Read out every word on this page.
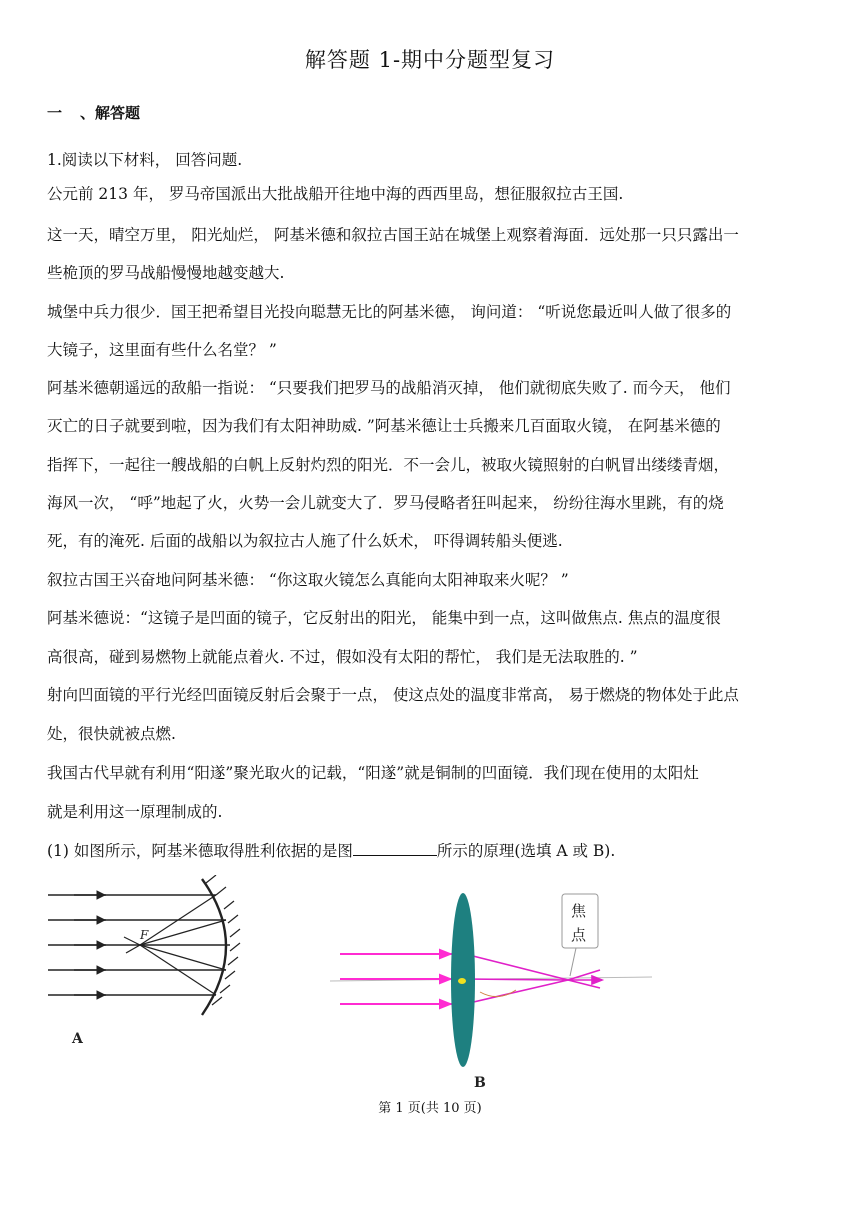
解答题 1-期中分题型复习
一 、解答题
1.阅读以下材料， 回答问题.
公元前 213 年， 罗马帝国派出大批战船开往地中海的西西里岛，想征服叙拉古王国.
这一天，晴空万里， 阳光灿烂， 阿基米德和叙拉古国王站在城堡上观察着海面．远处那一只只露出一
些桅顶的罗马战船慢慢地越变越大.
城堡中兵力很少．国王把希望目光投向聪慧无比的阿基米德， 询问道： “听说您最近叫人做了很多的
大镜子，这里面有些什么名堂？ ”
阿基米德朝遥远的敌船一指说： “只要我们把罗马的战船消灭掉， 他们就彻底失败了. 而今天， 他们
灭亡的日子就要到啦，因为我们有太阳神助威. ”阿基米德让士兵搬来几百面取火镜， 在阿基米德的
指挥下，一起往一艘战船的白帆上反射灼烈的阳光．不一会儿，被取火镜照射的白帆冒出缕缕青烟，
海风一次， “呼”地起了火，火势一会儿就变大了．罗马侵略者狂叫起来， 纷纷往海水里跳，有的烧
死，有的淹死. 后面的战船以为叙拉古人施了什么妖术， 吓得调转船头便逃.
叙拉古国王兴奋地问阿基米德： “你这取火镜怎么真能向太阳神取来火呢？ ”
阿基米德说：“这镜子是凹面的镜子，它反射出的阳光， 能集中到一点，这叫做焦点. 焦点的温度很
高很高，碰到易燃物上就能点着火. 不过，假如没有太阳的帮忙， 我们是无法取胜的. ”
射向凹面镜的平行光经凹面镜反射后会聚于一点， 使这点处的温度非常高， 易于燃烧的物体处于此点
处，很快就被点燃.
我国古代早就有利用“阳遂”聚光取火的记载，“阳遂”就是铜制的凹面镜．我们现在使用的太阳灶
就是利用这一原理制成的.
(1) 如图所示，阿基米德取得胜利依据的是图	所示的原理(选填 A 或 B).
F
A
焦
点
B
第 1 页(共 10 页)
